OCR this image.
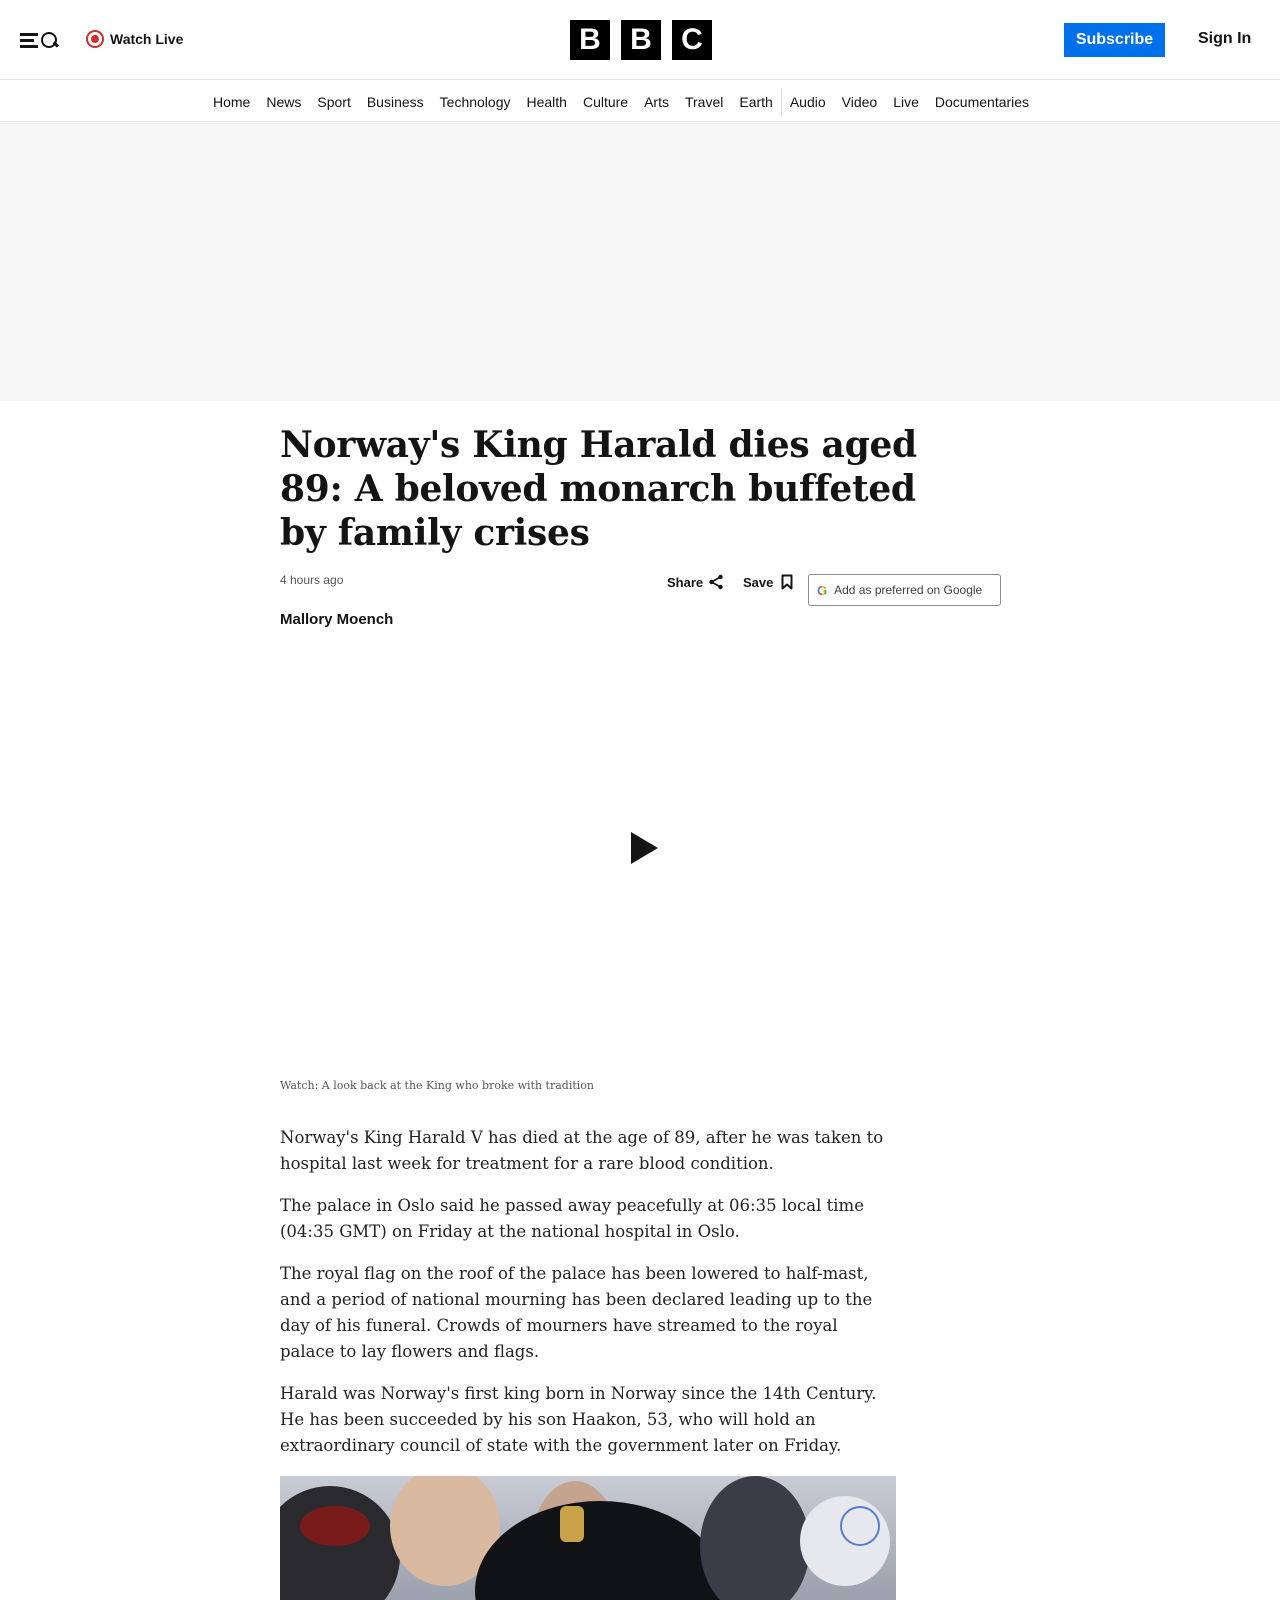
Watch Live	B B C	Subscribe	Sign In
Home	News	Sport	Business	Technology	Health	Culture	Arts	Travel	Earth	Audio	Video	Live	Documentaries
Norway's King Harald dies aged 89: A beloved monarch buffeted by family crises
4 hours ago
Mallory Moench
Share	Save
G Add as preferred on Google
Watch: A look back at the King who broke with tradition

Norway's King Harald V has died at the age of 89, after he was taken to hospital last week for treatment for a rare blood condition.

The palace in Oslo said he passed away peacefully at 06:35 local time (04:35 GMT) on Friday at the national hospital in Oslo.

The royal flag on the roof of the palace has been lowered to half-mast, and a period of national mourning has been declared leading up to the day of his funeral. Crowds of mourners have streamed to the royal palace to lay flowers and flags.

Harald was Norway's first king born in Norway since the 14th Century. He has been succeeded by his son Haakon, 53, who will hold an extraordinary council of state with the government later on Friday.
